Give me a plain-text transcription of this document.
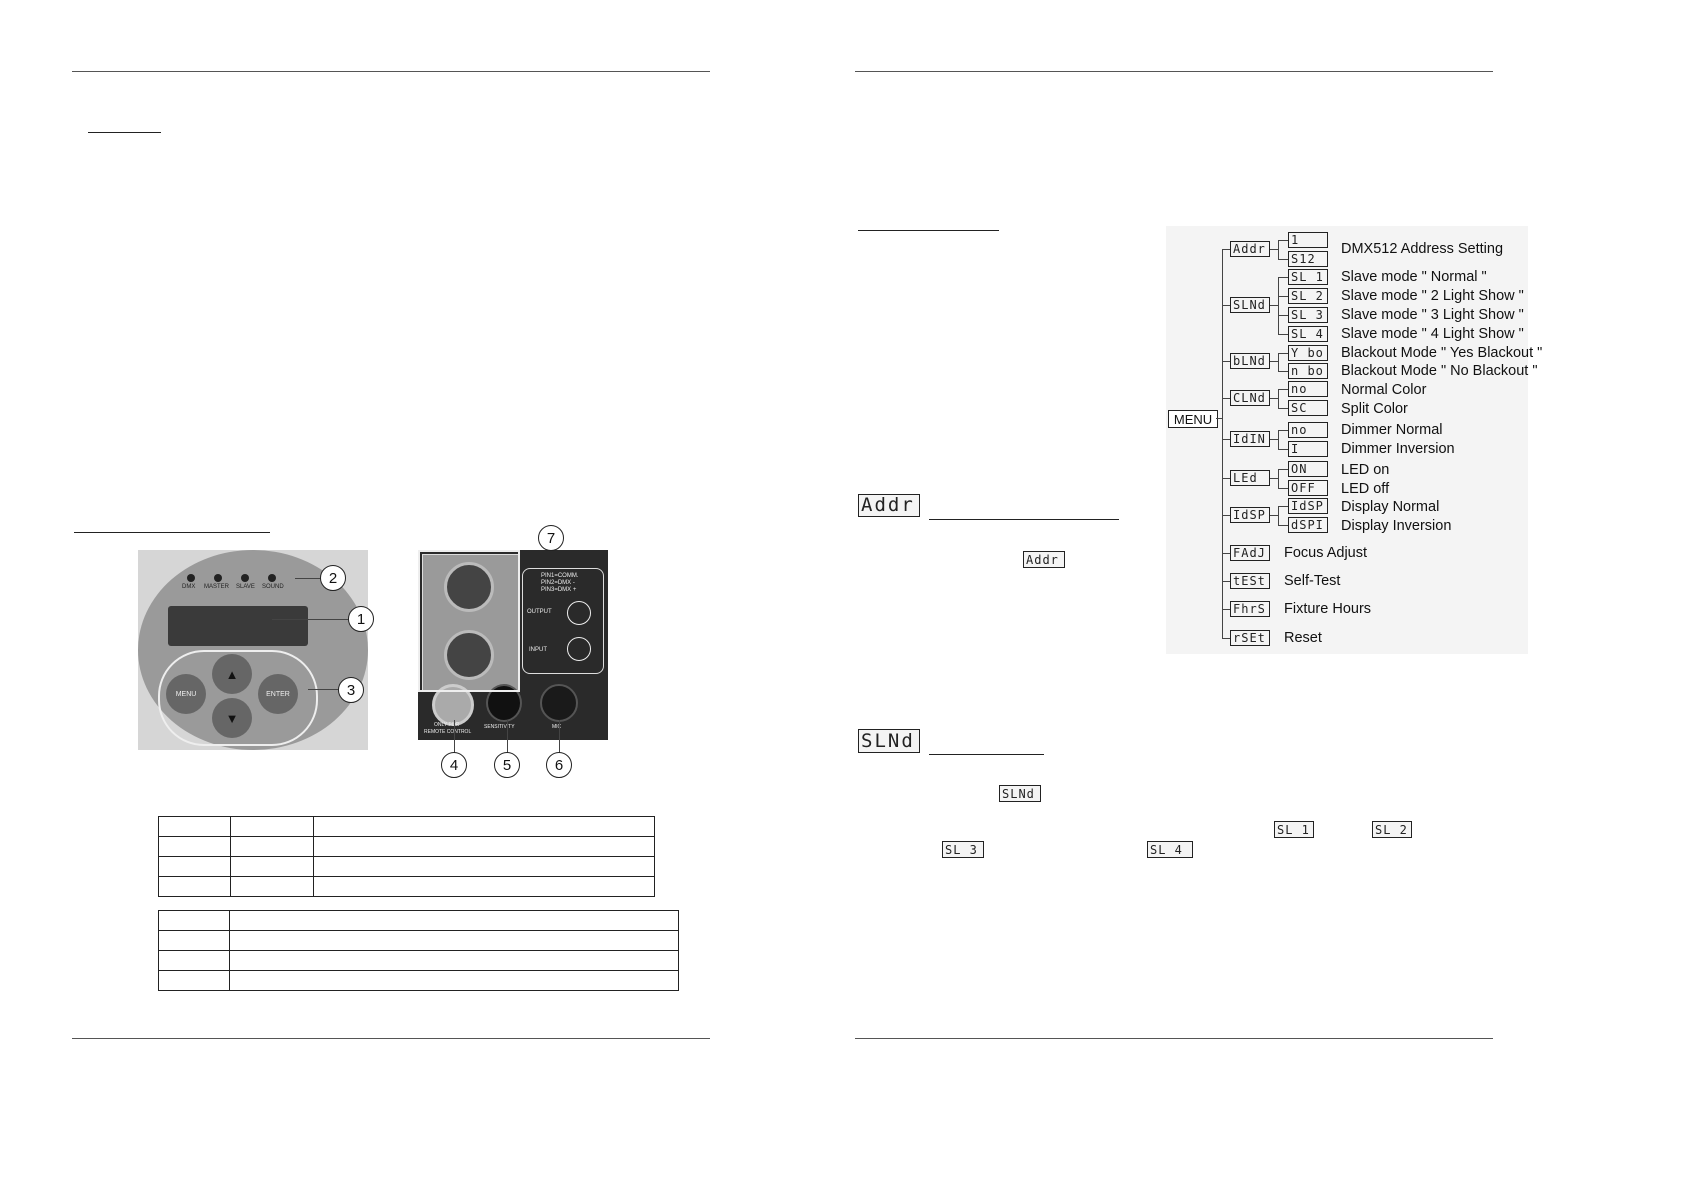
DMX MASTER SLAVE SOUND
MENU
▲
▼
ENTER
1
2
3
PIN1=COMM.
PIN2=DMX -
PIN3=DMX +
OUTPUT
INPUT
ONLY FOR
REMOTE CONTROL
SENSITIVITY	MIC
4	5	6
7

MENU
Addr
SLNd
bLNd
CLNd
IdIN
LEd
IdSP
FAdJ
tESt
FhrS
rSEt
Focus Adjust
Self-Test
Fixture Hours
Reset
1
DMX512 Address Setting
S12
SL 1 Slave mode " Normal "
SL 2 Slave mode " 2 Light Show "
SL 3 Slave mode " 3 Light Show "
SL 4 Slave mode " 4 Light Show "
Y bo Blackout Mode " Yes Blackout "
n bo Blackout Mode " No Blackout "
no	Normal Color
SC	Split Color
no	Dimmer Normal
I	Dimmer Inversion
ON	LED on
OFF	LED off
IdSP Display Normal
dSPI Display Inversion
Addr
Addr
SLNd
SLNd
SL 1	SL 2
SL 3	SL 4
